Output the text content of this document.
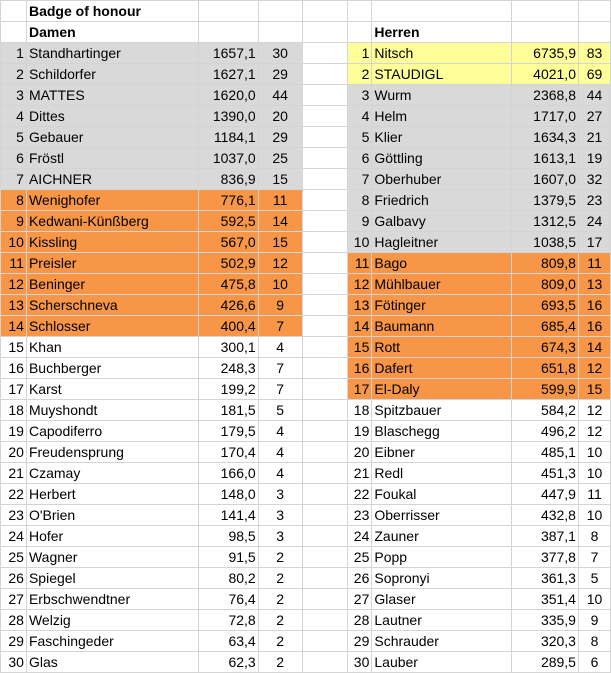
	Badge of honour							
	Damen					Herren		
1	Standhartinger	1657,1	30		1	Nitsch	6735,9	83
2	Schildorfer	1627,1	29		2	STAUDIGL	4021,0	69
3	MATTES	1620,0	44		3	Wurm	2368,8	44
4	Dittes	1390,0	20		4	Helm	1717,0	27
5	Gebauer	1184,1	29		5	Klier	1634,3	21
6	Fröstl	1037,0	25		6	Göttling	1613,1	19
7	AICHNER	836,9	15		7	Oberhuber	1607,0	32
8	Wenighofer	776,1	11		8	Friedrich	1379,5	23
9	Kedwani-Künßberg	592,5	14		9	Galbavy	1312,5	24
10	Kissling	567,0	15		10	Hagleitner	1038,5	17
11	Preisler	502,9	12		11	Bago	809,8	11
12	Beninger	475,8	10		12	Mühlbauer	809,0	13
13	Scherschneva	426,6	9		13	Fötinger	693,5	16
14	Schlosser	400,4	7		14	Baumann	685,4	16
15	Khan	300,1	4		15	Rott	674,3	14
16	Buchberger	248,3	7		16	Dafert	651,8	12
17	Karst	199,2	7		17	El-Daly	599,9	15
18	Muyshondt	181,5	5		18	Spitzbauer	584,2	12
19	Capodiferro	179,5	4		19	Blaschegg	496,2	12
20	Freudensprung	170,4	4		20	Eibner	485,1	10
21	Czamay	166,0	4		21	Redl	451,3	10
22	Herbert	148,0	3		22	Foukal	447,9	11
23	O'Brien	141,4	3		23	Oberrisser	432,8	10
24	Hofer	98,5	3		24	Zauner	387,1	8
25	Wagner	91,5	2		25	Popp	377,8	7
26	Spiegel	80,2	2		26	Sopronyi	361,3	5
27	Erbschwendtner	76,4	2		27	Glaser	351,4	10
28	Welzig	72,8	2		28	Lautner	335,9	9
29	Faschingeder	63,4	2		29	Schrauder	320,3	8
30	Glas	62,3	2		30	Lauber	289,5	6
